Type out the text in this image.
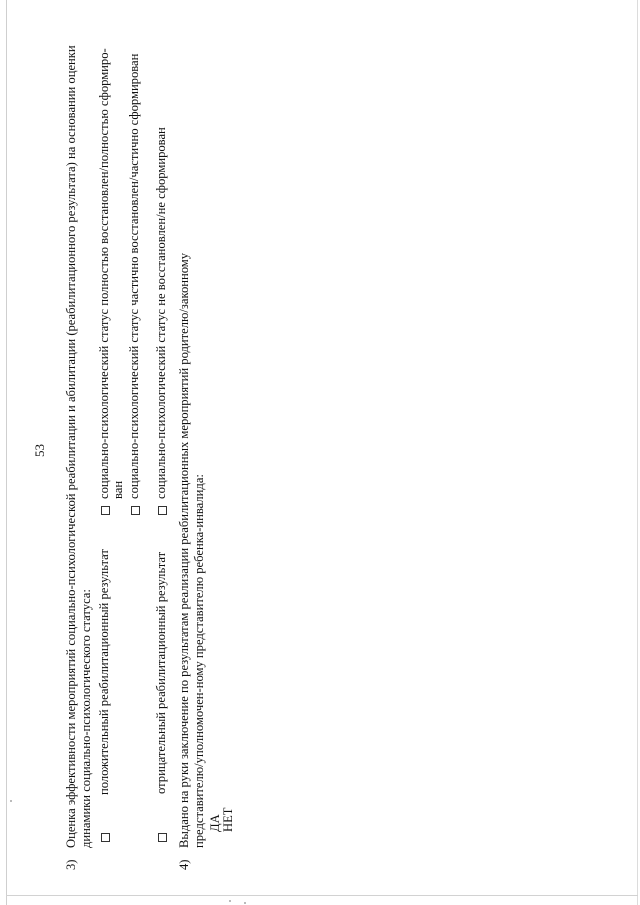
53
3)
Оценка эффективности мероприятий социально-психологической реабилитации и абилитации (реабилитационного результата) на основании оценки динамики социально-психологического статуса: положительный реабилитационный результат
социально-психологический статус полностью восстановлен/полностью сформиро- ван социально-психологический статус частично восстановлен/частично сформирован
отрицательный реабилитационный результат
социально-психологический статус не восстановлен/не сформирован
4)
Выдано на руки заключение по результатам реализации реабилитационных мероприятий родителю/законному представителю/уполномочен-ному представителю ребенка-инвалида: ДА НЕТ
